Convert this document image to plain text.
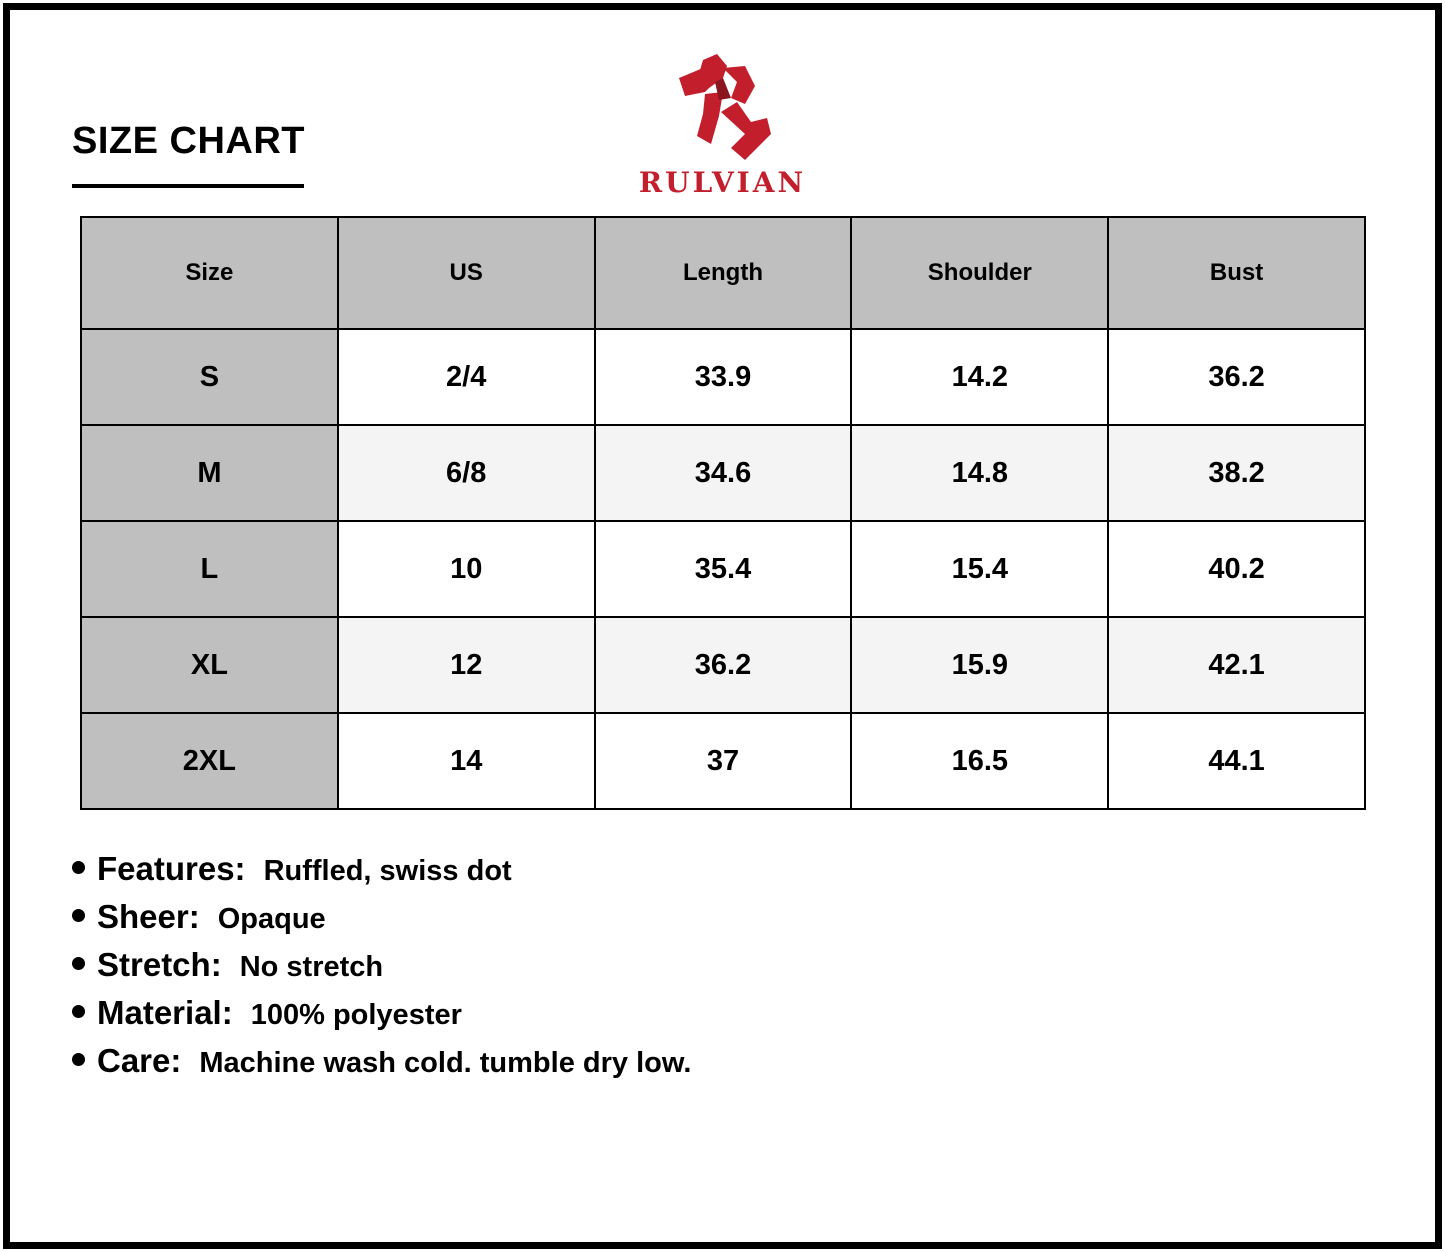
SIZE CHART
RULVIAN
Size	US	Length	Shoulder	Bust
S	2/4	33.9	14.2	36.2
M	6/8	34.6	14.8	38.2
L	10	35.4	15.4	40.2
XL	12	36.2	15.9	42.1
2XL	14	37	16.5	44.1
Features: Ruffled, swiss dot
Sheer: Opaque
Stretch: No stretch
Material: 100% polyester
Care: Machine wash cold. tumble dry low.
